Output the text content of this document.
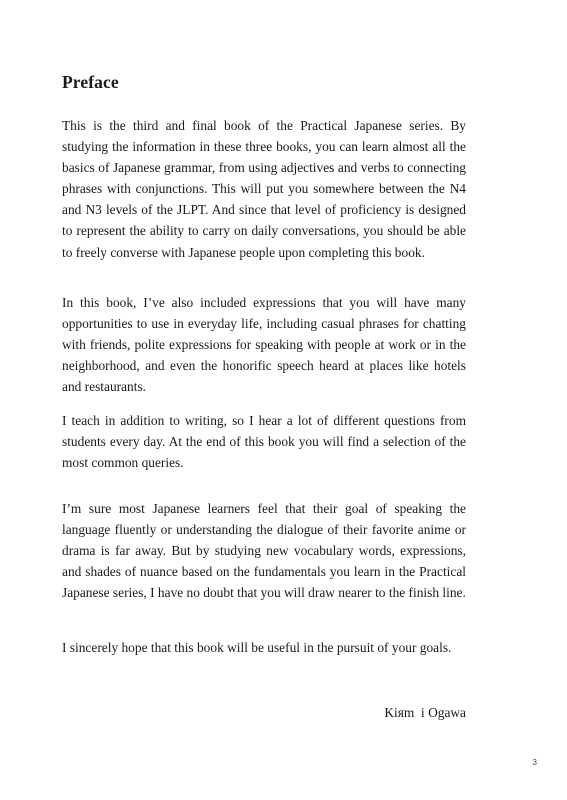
Preface

This is the third and final book of the Practical Japanese series. By studying the information in these three books, you can learn almost all the basics of Japanese grammar, from using adjectives and verbs to connecting phrases with conjunctions. This will put you somewhere between the N4 and N3 levels of the JLPT. And since that level of proficiency is designed to represent the ability to carry on daily conversations, you should be able to freely converse with Japanese people upon completing this book.

In this book, I’ve also included expressions that you will have many opportunities to use in everyday life, including casual phrases for chatting with friends, polite expressions for speaking with people at work or in the neighborhood, and even the honorific speech heard at places like hotels and restaurants.

I teach in addition to writing, so I hear a lot of different questions from students every day. At the end of this book you will find a selection of the most common queries.

I’m sure most Japanese learners feel that their goal of speaking the language fluently or understanding the dialogue of their favorite anime or drama is far away. But by studying new vocabulary words, expressions, and shades of nuance based on the fundamentals you learn in the Practical Japanese series, I have no doubt that you will draw nearer to the finish line.

I sincerely hope that this book will be useful in the pursuit of your goals.

Kiяm  i Ogawa

3
